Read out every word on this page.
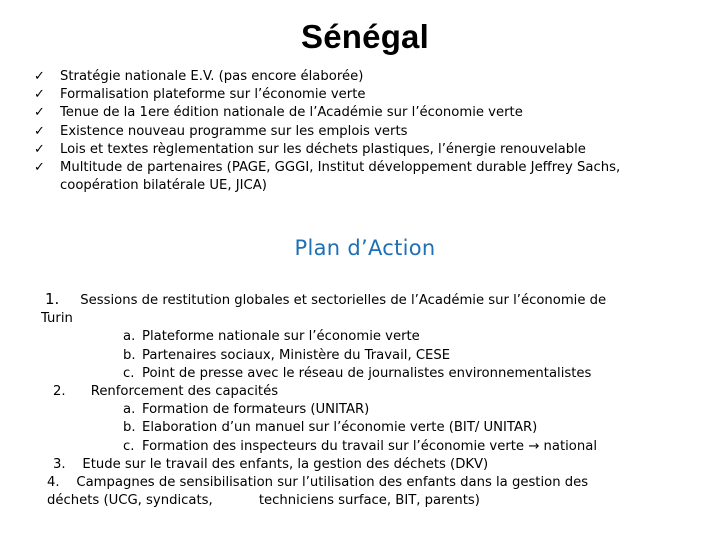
Sénégal
✓ Stratégie nationale E.V. (pas encore élaborée)
✓ Formalisation plateforme sur l’économie verte
✓ Tenue de la 1ere édition nationale de l’Académie sur l’économie verte
✓ Existence nouveau programme sur les emplois verts
✓ Lois et textes règlementation sur les déchets plastiques, l’énergie renouvelable
✓ Multitude de partenaires (PAGE, GGGI, Institut développement durable Jeffrey Sachs,
coopération bilatérale UE, JICA)
Plan d’Action
1. Sessions de restitution globales et sectorielles de l’Académie sur l’économie de
Turin
a. Plateforme nationale sur l’économie verte
b. Partenaires sociaux, Ministère du Travail, CESE
c. Point de presse avec le réseau de journalistes environnementalistes
2. Renforcement des capacités
a. Formation de formateurs (UNITAR)
b. Elaboration d’un manuel sur l’économie verte (BIT/ UNITAR)
c. Formation des inspecteurs du travail sur l’économie verte → national
3. Etude sur le travail des enfants, la gestion des déchets (DKV)
4. Campagnes de sensibilisation sur l’utilisation des enfants dans la gestion des
déchets (UCG, syndicats,	techniciens surface, BIT, parents)
